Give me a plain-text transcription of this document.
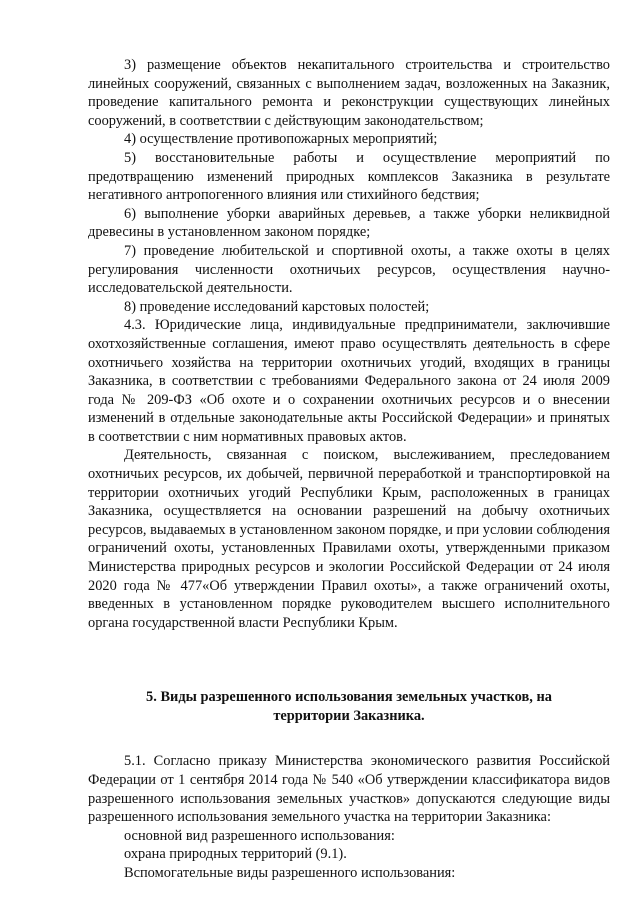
3) размещение объектов некапитального строительства и строительство линейных сооружений, связанных с выполнением задач, возложенных на Заказник, проведение капитального ремонта и реконструкции существующих линейных сооружений, в соответствии с действующим законодательством;

4) осуществление противопожарных мероприятий;

5) восстановительные работы и осуществление мероприятий по предотвращению изменений природных комплексов Заказника в результате негативного антропогенного влияния или стихийного бедствия;

6) выполнение уборки аварийных деревьев, а также уборки неликвидной древесины в установленном законом порядке;

7) проведение любительской и спортивной охоты, а также охоты в целях регулирования численности охотничьих ресурсов, осуществления научно-исследовательской деятельности.

8) проведение исследований карстовых полостей;

4.3. Юридические лица, индивидуальные предприниматели, заключившие охотхозяйственные соглашения, имеют право осуществлять деятельность в сфере охотничьего хозяйства на территории охотничьих угодий, входящих в границы Заказника, в соответствии с требованиями Федерального закона от 24 июля 2009 года № 209-ФЗ «Об охоте и о сохранении охотничьих ресурсов и о внесении изменений в отдельные законодательные акты Российской Федерации» и принятых в соответствии с ним нормативных правовых актов.

Деятельность, связанная с поиском, выслеживанием, преследованием охотничьих ресурсов, их добычей, первичной переработкой и транспортировкой на территории охотничьих угодий Республики Крым, расположенных в границах Заказника, осуществляется на основании разрешений на добычу охотничьих ресурсов, выдаваемых в установленном законом порядке, и при условии соблюдения ограничений охоты, установленных Правилами охоты, утвержденными приказом Министерства природных ресурсов и экологии Российской Федерации от 24 июля 2020 года № 477«Об утверждении Правил охоты», а также ограничений охоты, введенных в установленном порядке руководителем высшего исполнительного органа государственной власти Республики Крым.

5. Виды разрешенного использования земельных участков, на
территории Заказника.

5.1. Согласно приказу Министерства экономического развития Российской Федерации от 1 сентября 2014 года № 540 «Об утверждении классификатора видов разрешенного использования земельных участков» допускаются следующие виды разрешенного использования земельного участка на территории Заказника:

основной вид разрешенного использования:

охрана природных территорий (9.1).

Вспомогательные виды разрешенного использования:
